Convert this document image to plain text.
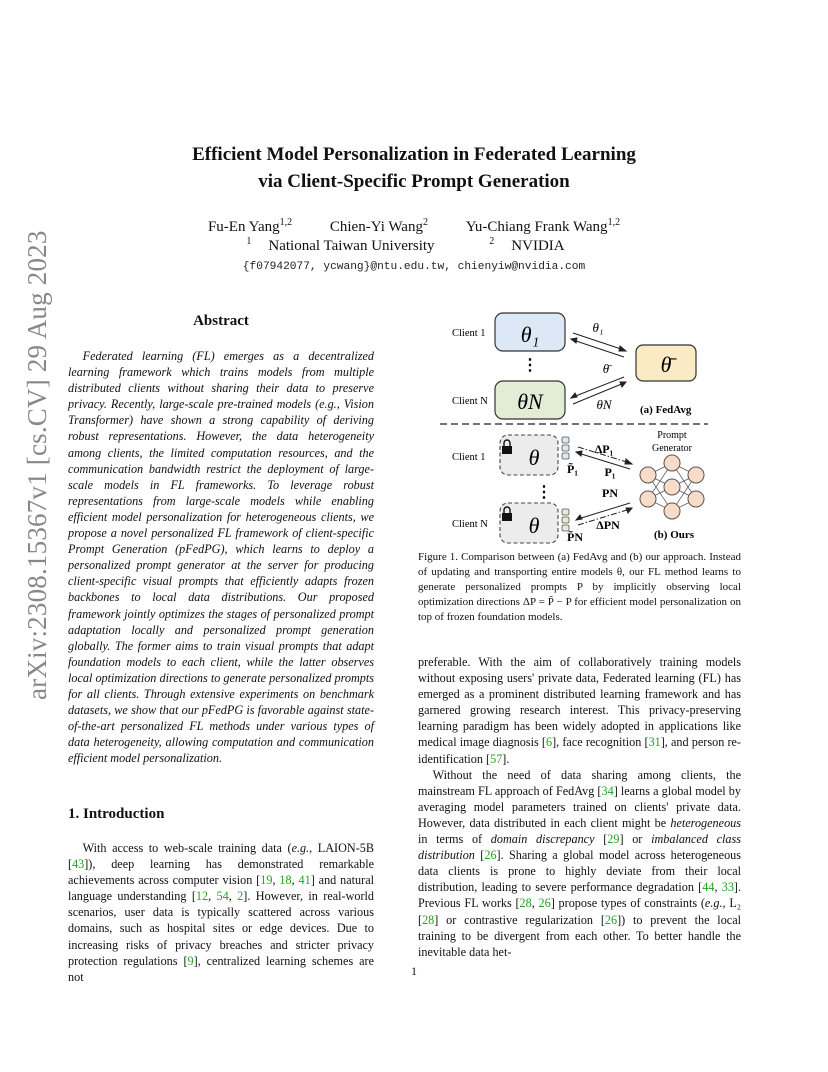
arXiv:2308.15367v1 [cs.CV] 29 Aug 2023
Efficient Model Personalization in Federated Learning
via Client-Specific Prompt Generation
Fu-En Yang$^{1,2}$	Chien-Yi Wang$^2$	Yu-Chiang Frank Wang$^{1,2}$
$^1$ National Taiwan University	$^2$ NVIDIA
{f07942077, ycwang}@ntu.edu.tw, chienyiw@nvidia.com
Abstract

Federated learning (FL) emerges as a decentralized learning framework which trains models from multiple distributed clients without sharing their data to preserve privacy. Recently, large-scale pre-trained models (e.g., Vision Transformer) have shown a strong capability of deriving robust representations. However, the data heterogeneity among clients, the limited computation resources, and the communication bandwidth restrict the deployment of large-scale models in FL frameworks. To leverage robust representations from large-scale models while enabling efficient model personalization for heterogeneous clients, we propose a novel personalized FL framework of client-specific Prompt Generation (pFedPG), which learns to deploy a personalized prompt generator at the server for producing client-specific visual prompts that efficiently adapts frozen backbones to local data distributions. Our proposed framework jointly optimizes the stages of personalized prompt adaptation locally and personalized prompt generation globally. The former aims to train visual prompts that adapt foundation models to each client, while the latter observes local optimization directions to generate personalized prompts for all clients. Through extensive experiments on benchmark datasets, we show that our pFedPG is favorable against state-of-the-art personalized FL methods under various types of data heterogeneity, allowing computation and communication efficient model personalization.

1. Introduction

With access to web-scale training data (e.g., LAION-5B [43]), deep learning has demonstrated remarkable achievements across computer vision [19, 18, 41] and natural language understanding [12, 54, 2]. However, in real-world scenarios, user data is typically scattered across various domains, such as hospital sites or edge devices. Due to increasing risks of privacy breaches and stricter privacy protection regulations [9], centralized learning schemes are not

Client 1 θ₁
⋮
Client N θN
θ̄
θ₁
θ̄
θN	(a) FedAvg
Client 1 θ P̃₁
⋮
Client N θ P̃N
ΔP₁
P₁
PN
ΔPN
Prompt
Generator
(b) Ours
Figure 1. Comparison between (a) FedAvg and (b) our approach. Instead of updating and transporting entire models θ, our FL method learns to generate personalized prompts P by implicitly observing local optimization directions ΔP = P̃ − P for efficient model personalization on top of frozen foundation models.

preferable. With the aim of collaboratively training models without exposing users' private data, Federated learning (FL) has emerged as a prominent distributed learning framework and has garnered growing research interest. This privacy-preserving learning paradigm has been widely adopted in applications like medical image diagnosis [6], face recognition [31], and person re-identification [57].

Without the need of data sharing among clients, the mainstream FL approach of FedAvg [34] learns a global model by averaging model parameters trained on clients' private data. However, data distributed in each client might be heterogeneous in terms of domain discrepancy [29] or imbalanced class distribution [26]. Sharing a global model across heterogeneous data clients is prone to highly deviate from their local distribution, leading to severe performance degradation [44, 33]. Previous FL works [28, 26] propose types of constraints (e.g., L₂ [28] or contrastive regularization [26]) to prevent the local training to be divergent from each other. To better handle the inevitable data het-

1
